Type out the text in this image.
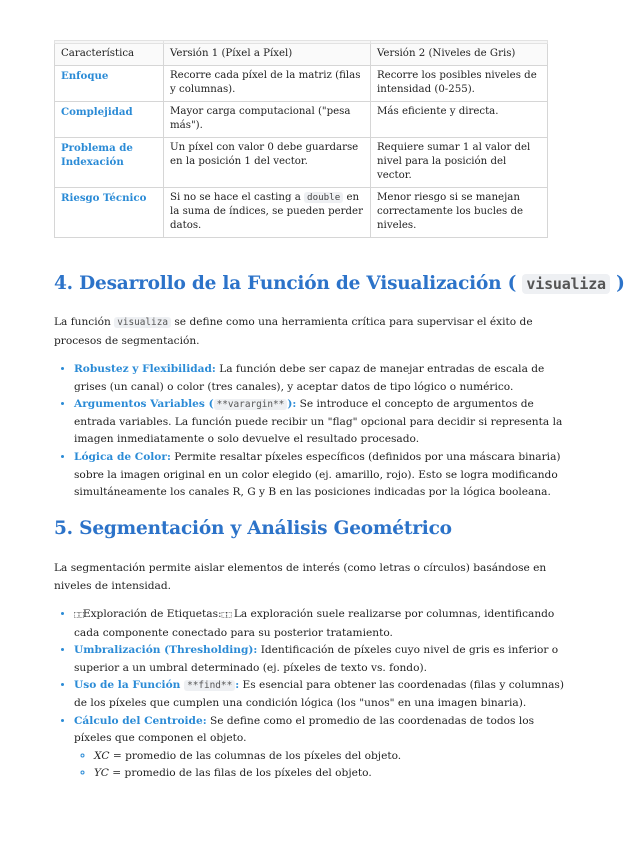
Característica	Versión 1 (Píxel a Píxel)	Versión 2 (Niveles de Gris)
Enfoque	Recorre cada píxel de la matriz (filas y columnas).	Recorre los posibles niveles de intensidad (0-255).
Complejidad	Mayor carga computacional ("pesa más").	Más eficiente y directa.
Problema de Indexación	Un píxel con valor 0 debe guardarse en la posición 1 del vector.	Requiere sumar 1 al valor del nivel para la posición del vector.
Riesgo Técnico	Si no se hace el casting a double en la suma de índices, se pueden perder datos.	Menor riesgo si se manejan correctamente los bucles de niveles.
4. Desarrollo de la Función de Visualización ( visualiza )

La función visualiza se define como una herramienta crítica para supervisar el éxito de procesos de segmentación.

• Robustez y Flexibilidad: La función debe ser capaz de manejar entradas de escala de grises (un canal) o color (tres canales), y aceptar datos de tipo lógico o numérico.
• Argumentos Variables ( **varargin** ): Se introduce el concepto de argumentos de entrada variables. La función puede recibir un "flag" opcional para decidir si representa la imagen inmediatamente o solo devuelve el resultado procesado.
• Lógica de Color: Permite resaltar píxeles específicos (definidos por una máscara binaria) sobre la imagen original en un color elegido (ej. amarillo, rojo). Esto se logra modificando simultáneamente los canales R, G y B en las posiciones indicadas por la lógica booleana.
5. Segmentación y Análisis Geométrico

La segmentación permite aislar elementos de interés (como letras o círculos) basándose en niveles de intensidad.

• ⬚⬚Exploración de Etiquetas:⬚⬚ La exploración suele realizarse por columnas, identificando cada componente conectado para su posterior tratamiento.
• Umbralización (Thresholding): Identificación de píxeles cuyo nivel de gris es inferior o superior a un umbral determinado (ej. píxeles de texto vs. fondo).
• Uso de la Función **find** : Es esencial para obtener las coordenadas (filas y columnas) de los píxeles que cumplen una condición lógica (los "unos" en una imagen binaria).
• Cálculo del Centroide: Se define como el promedio de las coordenadas de todos los píxeles que componen el objeto.
◦ XC = promedio de las columnas de los píxeles del objeto.
◦ YC = promedio de las filas de los píxeles del objeto.
